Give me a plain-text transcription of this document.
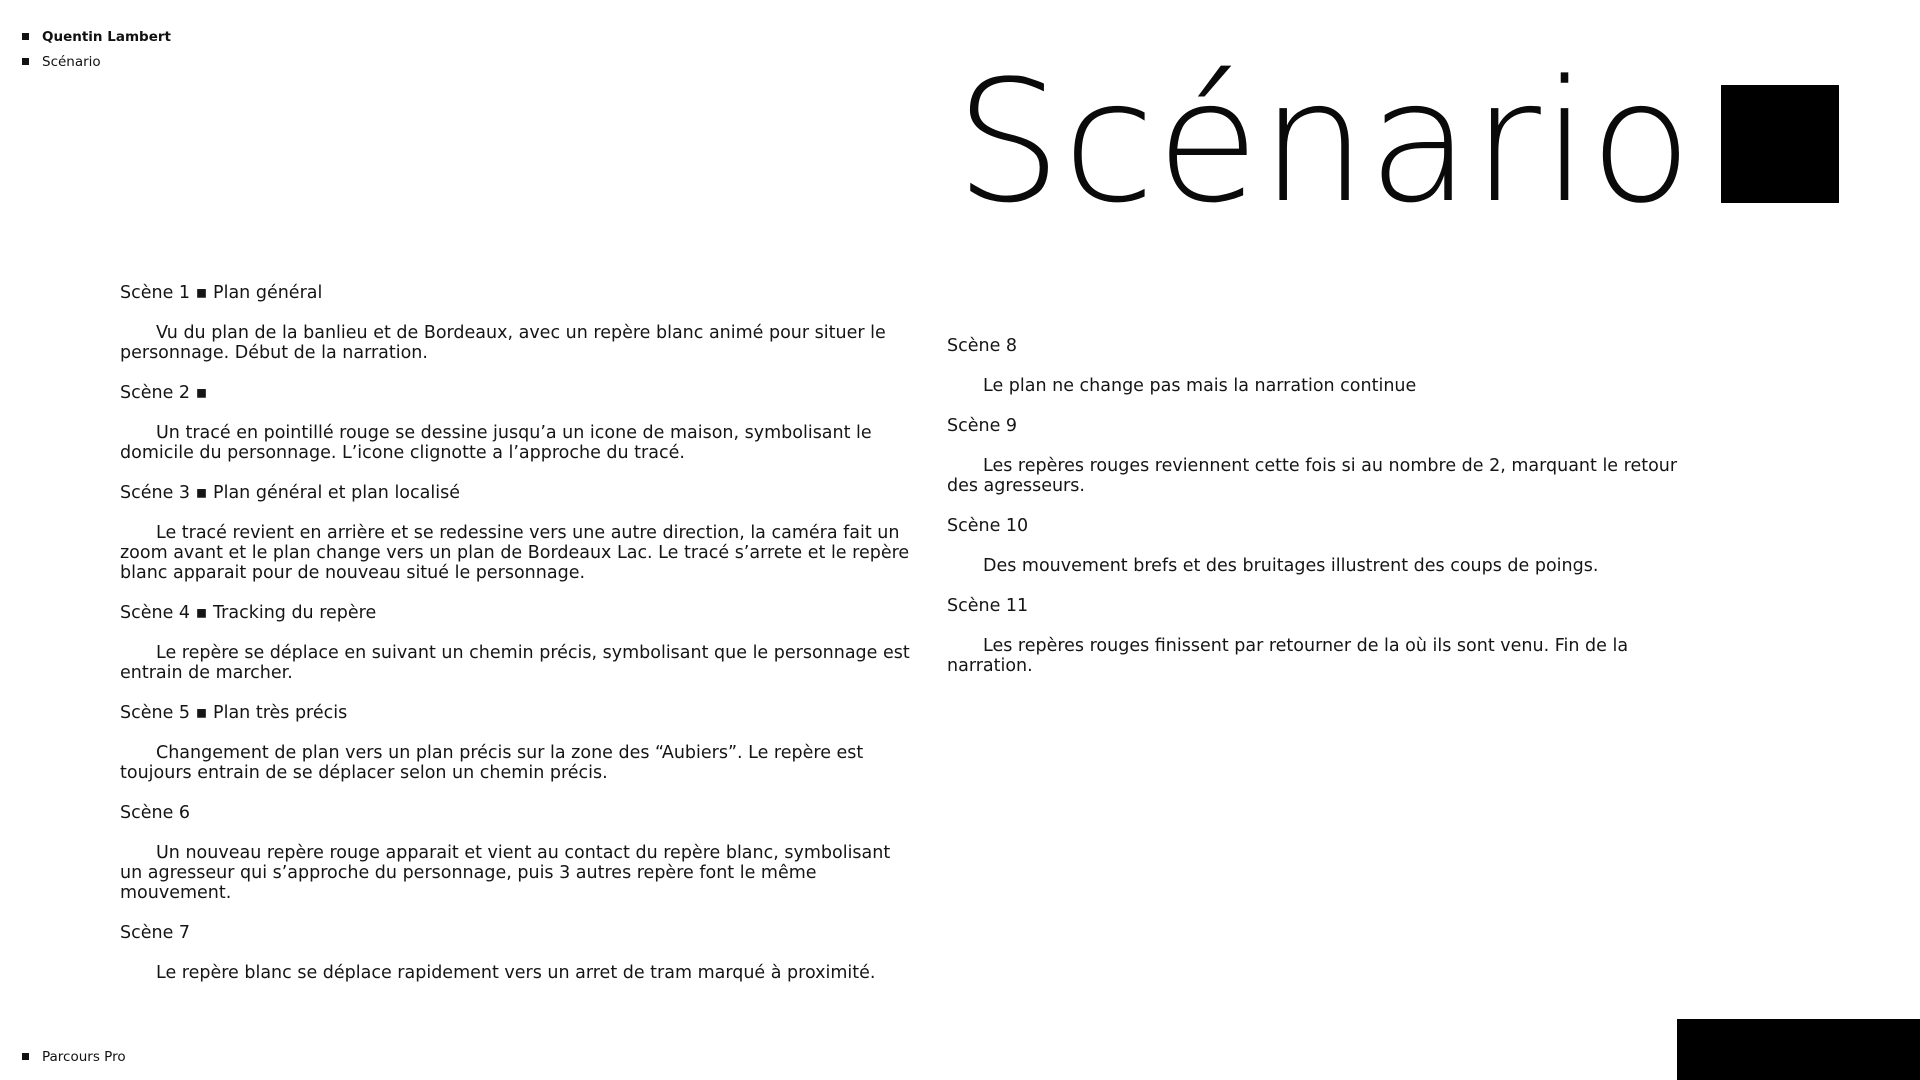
Quentin Lambert
Scénario	Scénario

Scène 1 ▪ Plan général

Vu du plan de la banlieu et de Bordeaux, avec un repère blanc animé pour situer le personnage. Début de la narration.

Scène 2 ▪

Un tracé en pointillé rouge se dessine jusqu’a un icone de maison, symbolisant le domicile du personnage. L’icone clignotte a l’approche du tracé.

Scéne 3 ▪ Plan général et plan localisé

Le tracé revient en arrière et se redessine vers une autre direction, la caméra fait un zoom avant et le plan change vers un plan de Bordeaux Lac. Le tracé s’arrete et le repère blanc apparait pour de nouveau situé le personnage.

Scène 4 ▪ Tracking du repère

Le repère se déplace en suivant un chemin précis, symbolisant que le personnage est entrain de marcher.

Scène 5 ▪ Plan très précis

Changement de plan vers un plan précis sur la zone des “Aubiers”. Le repère est toujours entrain de se déplacer selon un chemin précis.

Scène 6

Un nouveau repère rouge apparait et vient au contact du repère blanc, symbolisant un agresseur qui s’approche du personnage, puis 3 autres repère font le même mouvement.

Scène 7

Le repère blanc se déplace rapidement vers un arret de tram marqué à proximité.

Scène 8

Le plan ne change pas mais la narration continue

Scène 9

Les repères rouges reviennent cette fois si au nombre de 2, marquant le retour des agresseurs.

Scène 10

Des mouvement brefs et des bruitages illustrent des coups de poings.

Scène 11

Les repères rouges finissent par retourner de la où ils sont venu. Fin de la narration.

Parcours Pro
